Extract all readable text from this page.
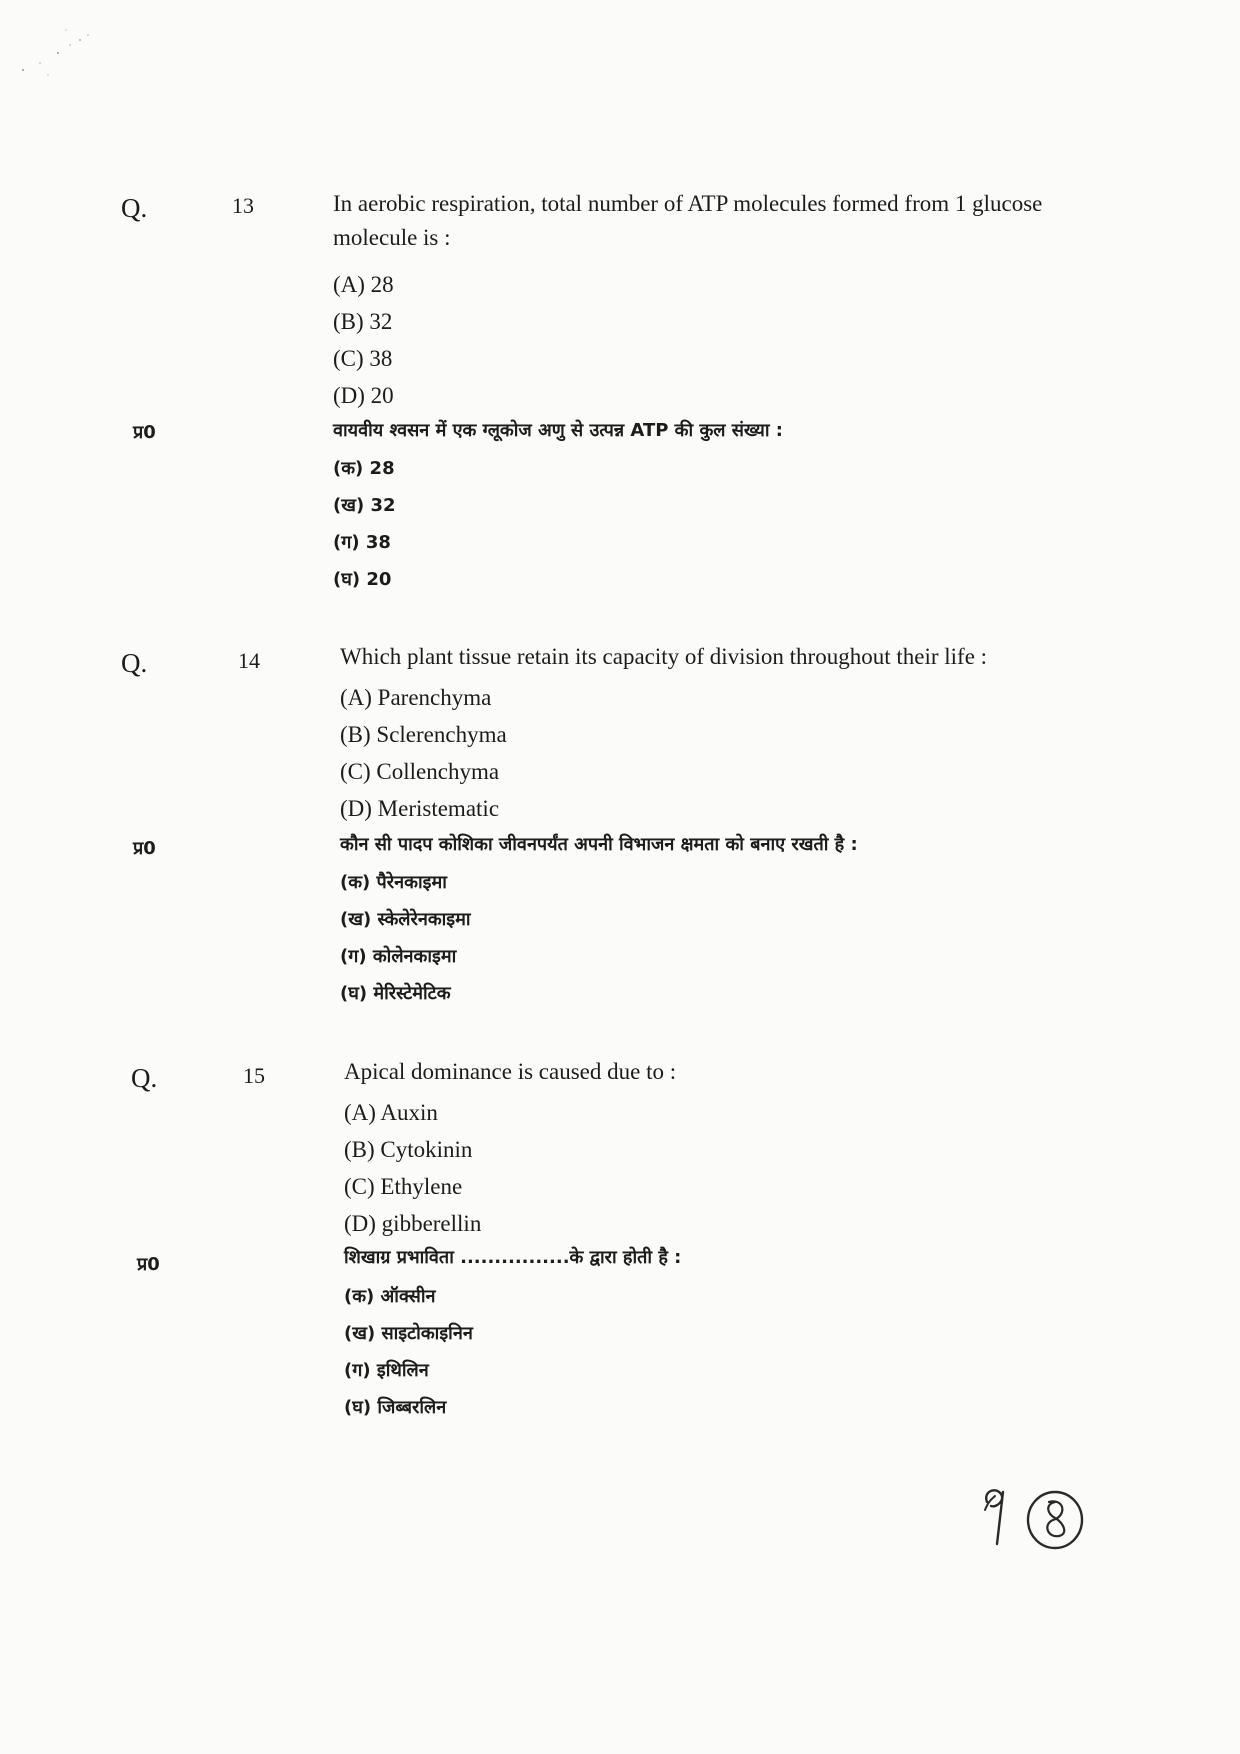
Q.	13	In aerobic respiration, total number of ATP molecules formed from 1 glucose molecule is :
(A) 28
(B) 32
(C) 38
(D) 20
प्र0	वायवीय श्वसन में एक ग्लूकोज अणु से उत्पन्न ATP की कुल संख्या :
(क) 28
(ख) 32
(ग) 38
(घ) 20
Q.	14	Which plant tissue retain its capacity of division throughout their life :
(A) Parenchyma
(B) Sclerenchyma
(C) Collenchyma
(D) Meristematic
प्र0	कौन सी पादप कोशिका जीवनपर्यंत अपनी विभाजन क्षमता को बनाए रखती है :
(क) पैरेनकाइमा
(ख) स्केलेरेनकाइमा
(ग) कोलेनकाइमा
(घ) मेरिस्टेमेटिक
Q.	15	Apical dominance is caused due to :
(A) Auxin
(B) Cytokinin
(C) Ethylene
(D) gibberellin
प्र0	शिखाग्र प्रभाविता ................के द्वारा होती है :
(क) ऑक्सीन
(ख) साइटोकाइनिन
(ग) इथिलिन
(घ) जिब्बरलिन
